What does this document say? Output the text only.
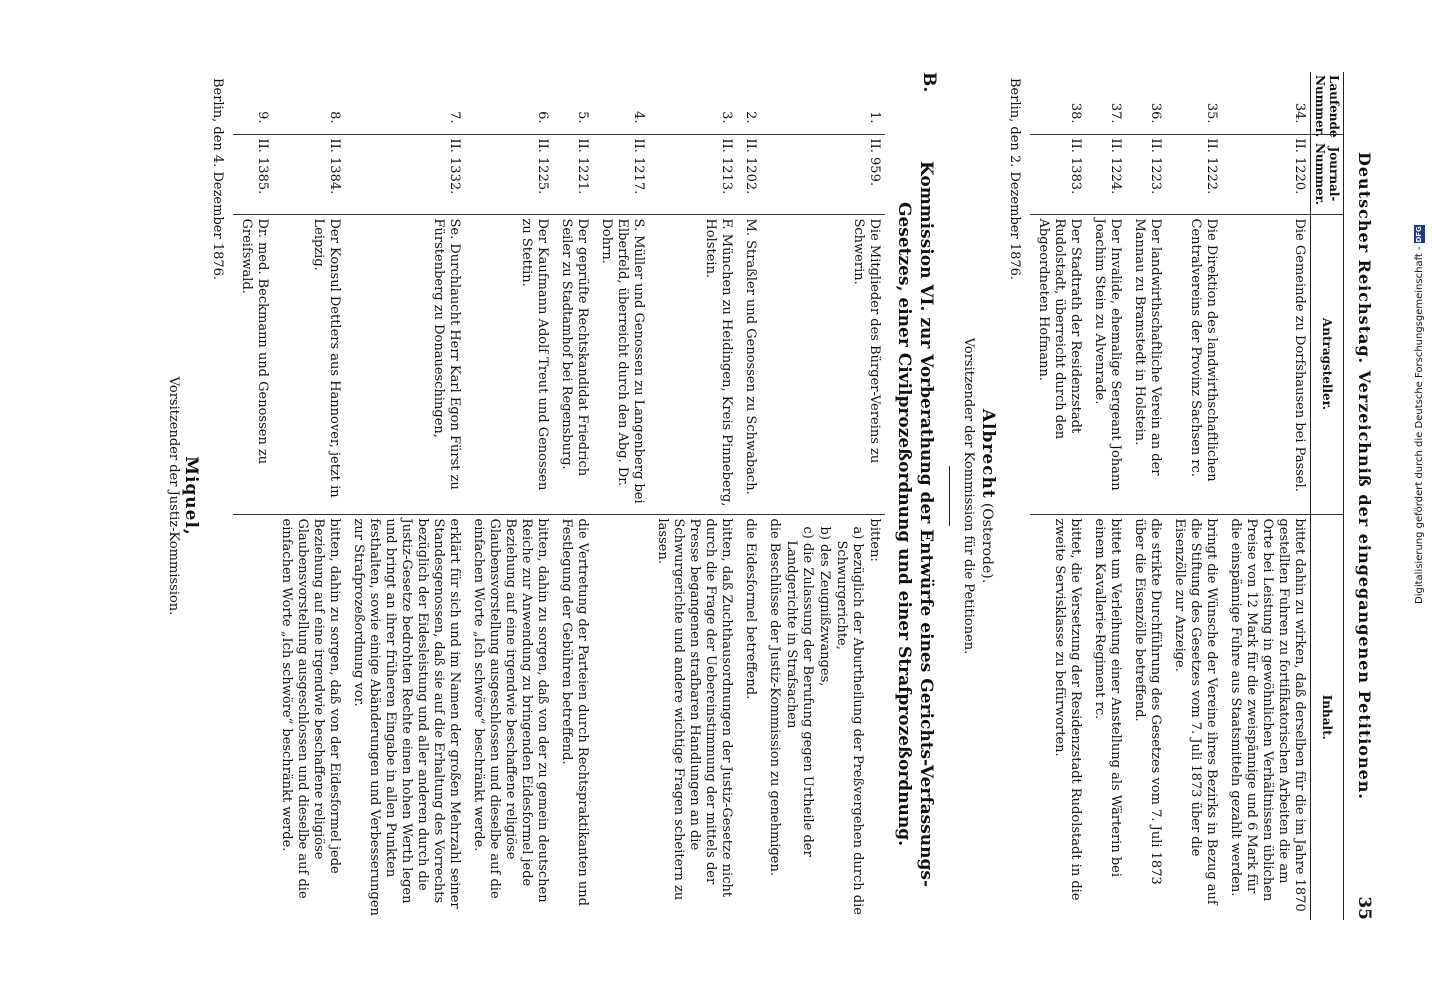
Deutscher Reichstag. Verzeichniß der eingegangenen Petitionen.
35
Laufende Nummer.	Journal-Nummer.	Antragsteller.	Inhalt.
34.	II. 1220.	Die Gemeinde zu Dorfshausen bei Passel.	bittet dahin zu wirken, daß derselben für die im Jahre 1870 gestellten Fuhren zu fortifikatorischen Arbeiten die am Orte bei Leistung in gewöhnlichen Verhältnissen üblichen Preise von 12 Mark für die zweispännige und 6 Mark für die einspännige Fuhre aus Staatsmitteln gezahlt werden.
35.	II. 1222.	Die Direktion des landwirthschaftlichen Centralvereins der Provinz Sachsen rc.	bringt die Wünsche der Vereine ihres Bezirks in Bezug auf die Stiftung des Gesetzes vom 7. Juli 1873 über die Eisenzölle zur Anzeige.
36.	II. 1223.	Der landwirthschaftliche Verein an der Mannau zu Bramstedt in Holstein.	die strikte Durchführung des Gesetzes vom 7. Juli 1873 über die Eisenzölle betreffend.
37.	II. 1224.	Der Invalide, ehemalige Sergeant Johann Joachim Stein zu Alvenrade.	bittet um Verleihung einer Anstellung als Wärterin bei einem Kavallerie-Regiment rc.
38.	II. 1383.	Der Stadtrath der Residenzstadt Rudolstadt, überreicht durch den Abgeordneten Hofmann.	bittet, die Versetzung der Residenzstadt Rudolstadt in die zweite Servisklasse zu befürworten.
Berlin, den 2. Dezember 1876.
Albrecht (Osterode).
Vorsitzender der Kommission für die Petitionen.
B.
Kommission VI. zur Vorberathung der Entwürfe eines Gerichts-Verfassungs-Gesetzes, einer Civilprozeßordnung und einer Strafprozeßordnung.
1.	II. 959.	Die Mitglieder des Bürger-Vereins zu Schwerin.	bitten:
a) bezüglich der Aburtheilung der Preßvergehen durch die Schwurgerichte,
b) des Zeugnißzwanges,
c) die Zulassung der Berufung gegen Urtheile der Landgerichte in Strafsachen
die Beschlüsse der Justiz-Kommission zu genehmigen.

2.	II. 1202.	M. Straßler und Genossen zu Schwabach.	die Eidesformel betreffend.
3.	II. 1213.	F. München zu Heidingen, Kreis Pinneberg, Holstein.	bitten, daß Zuchthausordnungen der Justiz-Gesetze nicht durch die Frage der Uebereinstimmung der mittels der Presse begangenen strafbaren Handlungen an die Schwurgerichte und andere wichtige Fragen scheitern zu lassen.
4.	II. 1217.	S. Müller und Genossen zu Langenberg bei Elberfeld, überreicht durch den Abg. Dr. Dohrn.	
5.	II. 1221.	Der geprüfte Rechtskandidat Friedrich Seiler zu Stadtamhof bei Regensburg.	die Vertretung der Parteien durch Rechtspraktikanten und Festlegung der Gebühren betreffend.
6.	II. 1225.	Der Kaufmann Adolf Treut und Genossen zu Stettin.	bitten, dahin zu sorgen, daß von der zu gemein deutschen Reiche zur Anwendung zu bringenden Eidesformel jede Beziehung auf eine irgendwie beschaffene religiöse Glaubensvorstellung ausgeschlossen und dieselbe auf die einfachen Worte „Ich schwöre“ beschränkt werde.
7.	II. 1332.	Se. Durchlaucht Herr Karl Egon Fürst zu Fürstenberg zu Donaueschingen,	erklärt für sich und im Namen der großen Mehrzahl seiner Standesgenossen, daß sie auf die Erhaltung des Vorrechts bezüglich der Eidesleistung und aller anderen durch die Justiz-Gesetze bedrohten Rechte einen hohen Werth legen und bringt an ihrer früheren Eingabe in allen Punkten festhalten, sowie einige Abänderungen und Verbesserungen zur Strafprozeßordnung vor.
8.	II. 1384.	Der Konsul Dettlers aus Hannover, jetzt in Leipzig.	bitten, dahin zu sorgen, daß von der Eidesformel jede Beziehung auf eine irgendwie beschaffene religiöse Glaubensvorstellung ausgeschlossen und dieselbe auf die einfachen Worte „Ich schwöre“ beschränkt werde.
9.	II. 1385.	Dr. med. Beckmann und Genossen zu Greifswald.	
Berlin, den 4. Dezember 1876.
Miquel,
Vorsitzender der Justiz-Kommission.	Digitalisierung gefördert durch die Deutsche Forschungsgemeinschaft -DFG
